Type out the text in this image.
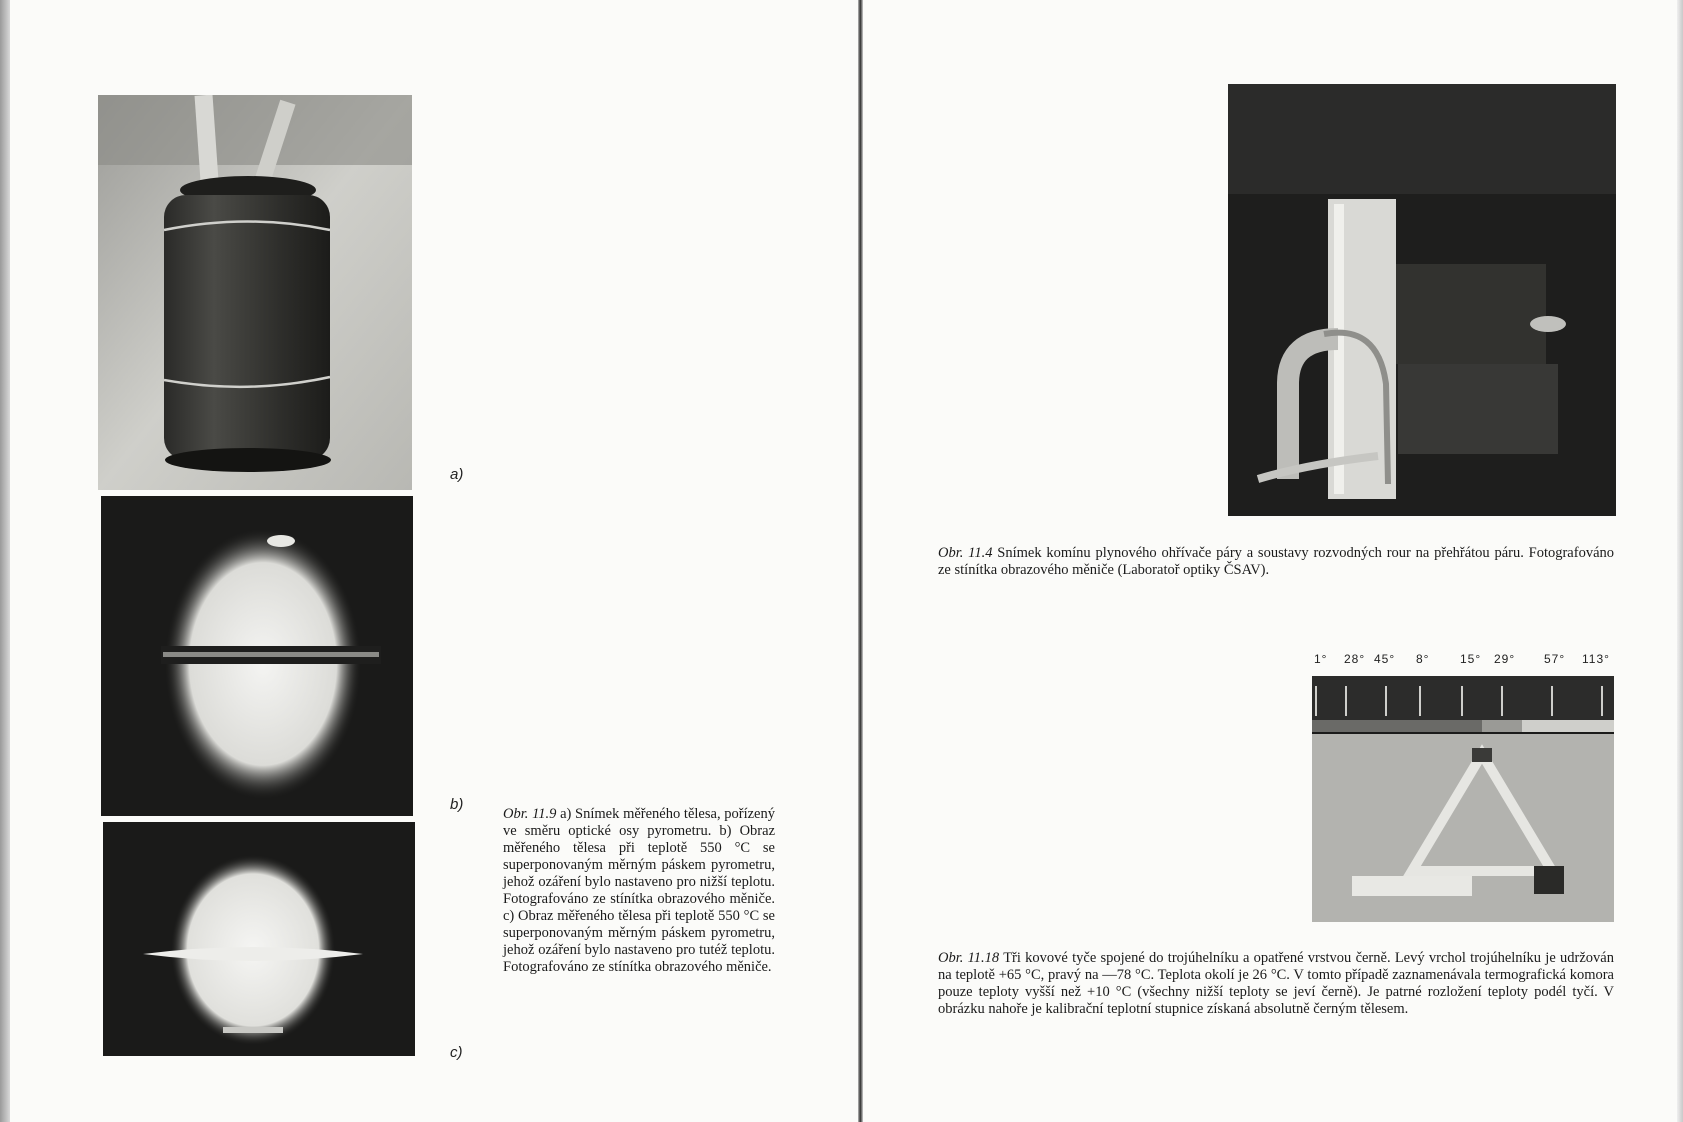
a)
b)
c)
Obr. 11.9 a) Snímek měřeného tělesa, pořízený ve směru optické osy pyrometru. b) Obraz měřeného tělesa při teplotě 550 °C se superponovaným měrným páskem pyrometru, jehož ozáření bylo nastaveno pro nižší teplotu. Fotografováno ze stínítka obrazového měniče. c) Obraz měřeného tělesa při teplotě 550 °C se superponovaným měrným páskem pyrometru, jehož ozáření bylo nastaveno pro tutéž teplotu. Fotografováno ze stínítka obrazového měniče.
Obr. 11.4 Snímek komínu plynového ohřívače páry a soustavy rozvodných rour na přehřátou páru. Fotografováno ze stínítka obrazového měniče (Laboratoř optiky ČSAV).
1° 28° 45° 8°	15° 29° 57° 113°
Obr. 11.18 Tři kovové tyče spojené do trojúhelníku a opatřené vrstvou černě. Levý vrchol trojúhelníku je udržován na teplotě +65 °C, pravý na —78 °C. Teplota okolí je 26 °C. V tomto případě zaznamenávala termografická komora pouze teploty vyšší než +10 °C (všechny nižší teploty se jeví černě). Je patrné rozložení teploty podél tyčí. V obrázku nahoře je kalibrační teplotní stupnice získaná absolutně černým tělesem.
